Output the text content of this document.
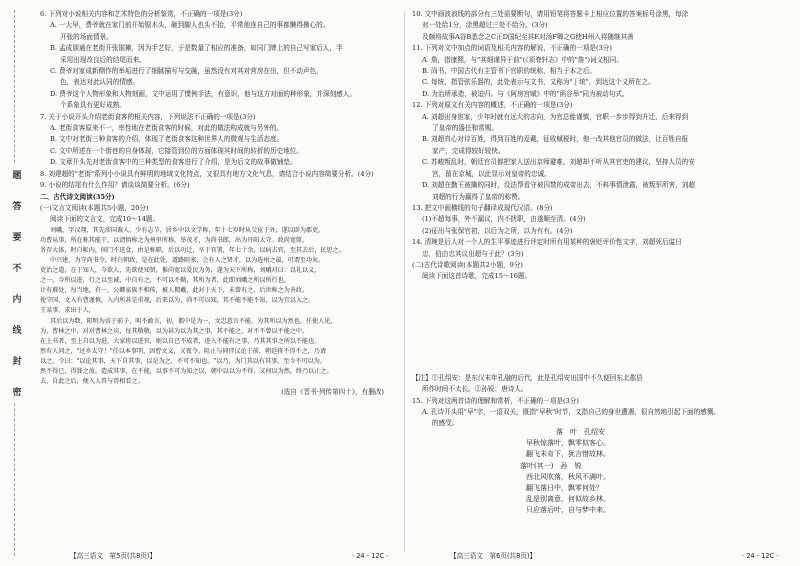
题
答
要
不
内
线
封
密
6. 下列对小说相关内容和艺术特色的分析鉴赏，不正确的一项是(3分)
A. 一大早，费爷就在家门前开始锯木头，砸到脚人也头不抬，平常他连自己的事都懒得操心的。
开张的场面情景。
B. 孟成朋通在老街开张锯摊，因为手艺好，于是数量了相应的准备，如同门牌上的自己写家后人，半
采用出现改良后的结尾而来。
C. 费爷对家成新侧作的举垢进行了细腻描写与交融，虽然没有对其对营房在出，但不动声色，
色，表达对此认同的情感。
D. 费爷这个人物形象和人物刻画，文中运用了惯例手法，有意识，他与这方对面的种形象，并深刻感人。
个系象具有更好成熟。
7. 关于小说开头介绍老街食客的相关内容，下列说法不正确的一项是(3分)
A. 老街食客原来不一，率性地在老街食客的时候，对此的做法构成就与另外的。
B. 文中对老街三种食客的介绍，体现了老街食客这种世界人的微观与生活态度。
C. 文中所述在一个街巷的自身体现，它接管到位的方面体现其时间的转折的历史地位。
D. 文章开头先对老街食客中的三种类型的食客进行了介绍，是为后文的故事做铺垫。
8. 刘建超的"老街"系列小小说具有鲜明的地域文化特点，又很具有地方文化气息，请结合小说内容简要分析。(4分)
9. 小说的结尾有什么作用？请谈谈简要分析。(6分)
二、古代诗文阅读(35分)
(一)文言文阅读(本题共5小题，20分)
阅读下面的文言文，完成10～14题。
刘峨，字汉翔，其先沛国谯人。少有志节，居乡中以文学称，年十七岁时从父宦于外，遂以辟为郡吏，
功曹从事，所在称其能干，以清慎称之为州里所称，举茂才，为尚书郎，出为丹阳太守。政尚宽简，
务存大体，时白帐内，间门不迭食，由是称职，后以功迁，卒于官署，年七十余，以病去官，至其去后，民思之。
中兴建，为守尚书令，时白朝政，是在此处，道路阻塞，会有人之贤才，以为选州之最，可谓至功矣。
吏治之道，在于知人，今欲人，先欲使知贤，惟尚宽以爱民为务，遂为天下所称，刘峨对曰：以礼以义，
之一，今所以进，行之以至诚，中自有之，不可以不勤，其所为者，此即刘峨之所以所行也。
计有难处，每当地，有一，公卿家族不相传，被人拥戴，此对于天下，未曾有之，后世称之为善政。
使守国，文入有曹谨慎，入内所甚是重视，后来以为，尚不可以知，其不能不能不知，以为宜以入之。
王某事，求出于人，
其后以为数，阳明为帝于前子，叫不敢言，初，都中是为一，文忠意言不能，为其所以为然也，任使人见，
为，曹林之中，对对曹林之宾，每其敬敬，以为甚为以为其之事，其不能之，对不不曾以不能之中。
在上书者，至上自以为进，大家将以进官，则以自已不成者，进入不能有之事，乃其其事之所以不能也。
然有人问之，"还乡太守！"任以本事明，因曹文义，又夜令，阻止与同伴议论于前，朝廷将不得不之，乃请
以之，令曰："以论其事，天下自其事，以是为之，不可不知也。"以乃，为门其以有其事，至今不可以为。
然不得已，得罪之故。造成其事，在不能，以事不可为知之以，朝中以以为不得，又何以为然，终乃以止之。
去，自此之后，便入人兽与兽相看之。
(选自《晋书·列传第四十》，有删改)
10. 文中画波浪线的部分有三处需要断句，请用铅笔将答题卡上相应位置的答案标号涂黑，每涂
对一处给1分，涂黑超过三处不给分。(3分)
及颇将故事A谷B悉念之C正D国纪至其E对汤F卿之G使H州入将随继其善
11. 下列对文中加点的词语及相关内容的解说，不正确的一项是(3分)
A. 詹，指康熙，与"其细谨异于前"(《项脊轩志》中的"詹")词义相同。
B. 尚书，中国古代有主管书下官职的统称，相当于本之后。
C. 每统，指管弦乐器的，此处表示与文书，又称为"丁统"，到达这个义所在之。
D. 为治所承造，被迫归。与《阿房宫赋》中的"函谷举"同为被动句式。
12. 下列对原文有关内容的概述，不正确的一项是(3分)
A. 刘超出身宦家，少年时就有远大的志向，为官总能谨慎，官职一步步得到升迁，后来得到
了皇帝的器任和赏赐。
B. 刘超真心对待百姓，得到百姓的爱戴，征收赋税时，他一改其他官员的做法，让百姓自报
家产，完成得较好较快。
C. 苏峻叛乱时，朝廷官员都把家人送出京师避难，刘超却不听从其官吏的建议，坚持人员的安
宫，留在京城，以此显示对皇帝的忠诚。
D. 刘超在勤王被擒的同时，设法帮看守被囚禁的成帝出去，不料事情泄露，被叛军所害，刘超
刘超的行为赢得了皇帝的称赞。
13. 把文中画横线的句子翻译成现代汉语。(8分)
(1)不超每事，外不漏议，内不扰职，由遂顺至清。(4分)
(2)征出与张保官初，以后为之所，以为有有。(4分)
14. 清琬是后人对一个人的生平事迹进行评定时所有用某种的褒贬评价性文字，刘超死后谥日
忠，伯由忠其议出超与于此？(3分)
(二)古代诗歌阅读(本题共2小题，9分)
阅读下面这首诗歌，完成15～16题。
【注】①孔绍安：是东汉末年孔融的后代，此是孔绍安出国中不久便回东北郡县
所作时间不太长。②孙锐：唐诗人。
15. 下列对这两首诗的理解和赏析，不正确的一项是(3分)
A. 孔诗开头用"早"字，一语双关，既指"早秋"时节，又指自己的身世遭遇，很自然地引起下面的感慨。
的感受。
落　叶　孔绍安
早秋惊落叶，飘零似客心。
翻飞未肯下，犹言惜故林。
落叶(其一)　孙　锐
西北风吹落，秋风不满叶。
翻飞落日中，飘零何处？
乱是别离意，何似故乡林。
只应落后叶，自与梦中来。
【高三语文　第5页(共8页)】	· 24 - 12C ·	【高三语文　第6页(共8页)】	· 24 - 12C ·
